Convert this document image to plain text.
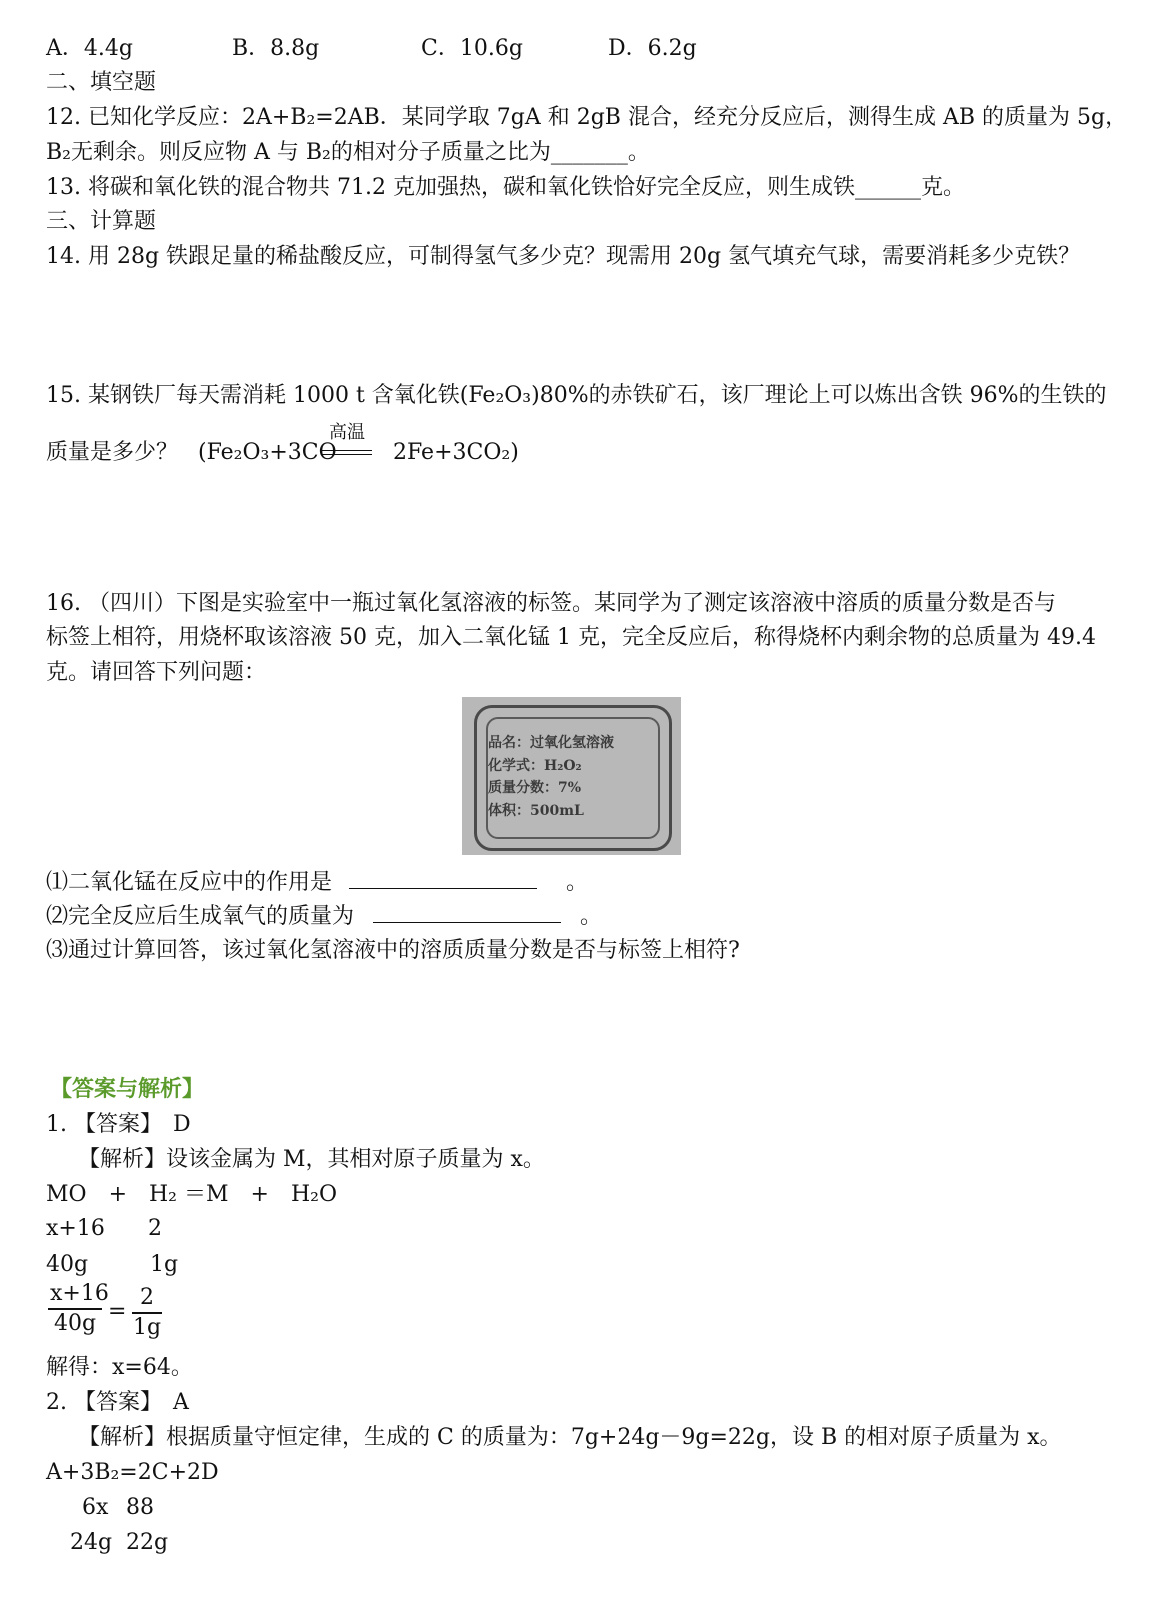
A．4.4g	B．8.8g	C．10.6g	D．6.2g
二、填空题
12. 已知化学反应：2A+B₂=2AB．某同学取 7gA 和 2gB 混合，经充分反应后，测得生成 AB 的质量为 5g，
B₂无剩余。则反应物 A 与 B₂的相对分子质量之比为_______。
13. 将碳和氧化铁的混合物共 71.2 克加强热，碳和氧化铁恰好完全反应，则生成铁______克。
三、计算题
14. 用 28g 铁跟足量的稀盐酸反应，可制得氢气多少克？现需用 20g 氢气填充气球，需要消耗多少克铁？
15. 某钢铁厂每天需消耗 1000 t 含氧化铁(Fe₂O₃)80%的赤铁矿石，该厂理论上可以炼出含铁 96%的生铁的
质量是多少？ (Fe₂O₃+3CO
高温
2Fe+3CO₂)
16. （四川）下图是实验室中一瓶过氧化氢溶液的标签。某同学为了测定该溶液中溶质的质量分数是否与
标签上相符，用烧杯取该溶液 50 克，加入二氧化锰 1 克，完全反应后，称得烧杯内剩余物的总质量为 49.4
克。请回答下列问题：
品名：过氧化氢溶液
化学式：H₂O₂
质量分数：7%
体积：500mL
⑴二氧化锰在反应中的作用是	。
⑵完全反应后生成氧气的质量为	。
⑶通过计算回答，该过氧化氢溶液中的溶质质量分数是否与标签上相符?
【答案与解析】
1. 【答案】　D
【解析】设该金属为 M，其相对原子质量为 x。
MO　+　H₂ ＝M　+　H₂O
x+16 2
40g	1g
$\frac{x+16}{40g} = \frac{2}{1g}$
解得：x=64。
2. 【答案】　A
【解析】根据质量守恒定律，生成的 C 的质量为：7g+24g－9g=22g，设 B 的相对原子质量为 x。
A+3B₂=2C+2D
6x 88
24g 22g
